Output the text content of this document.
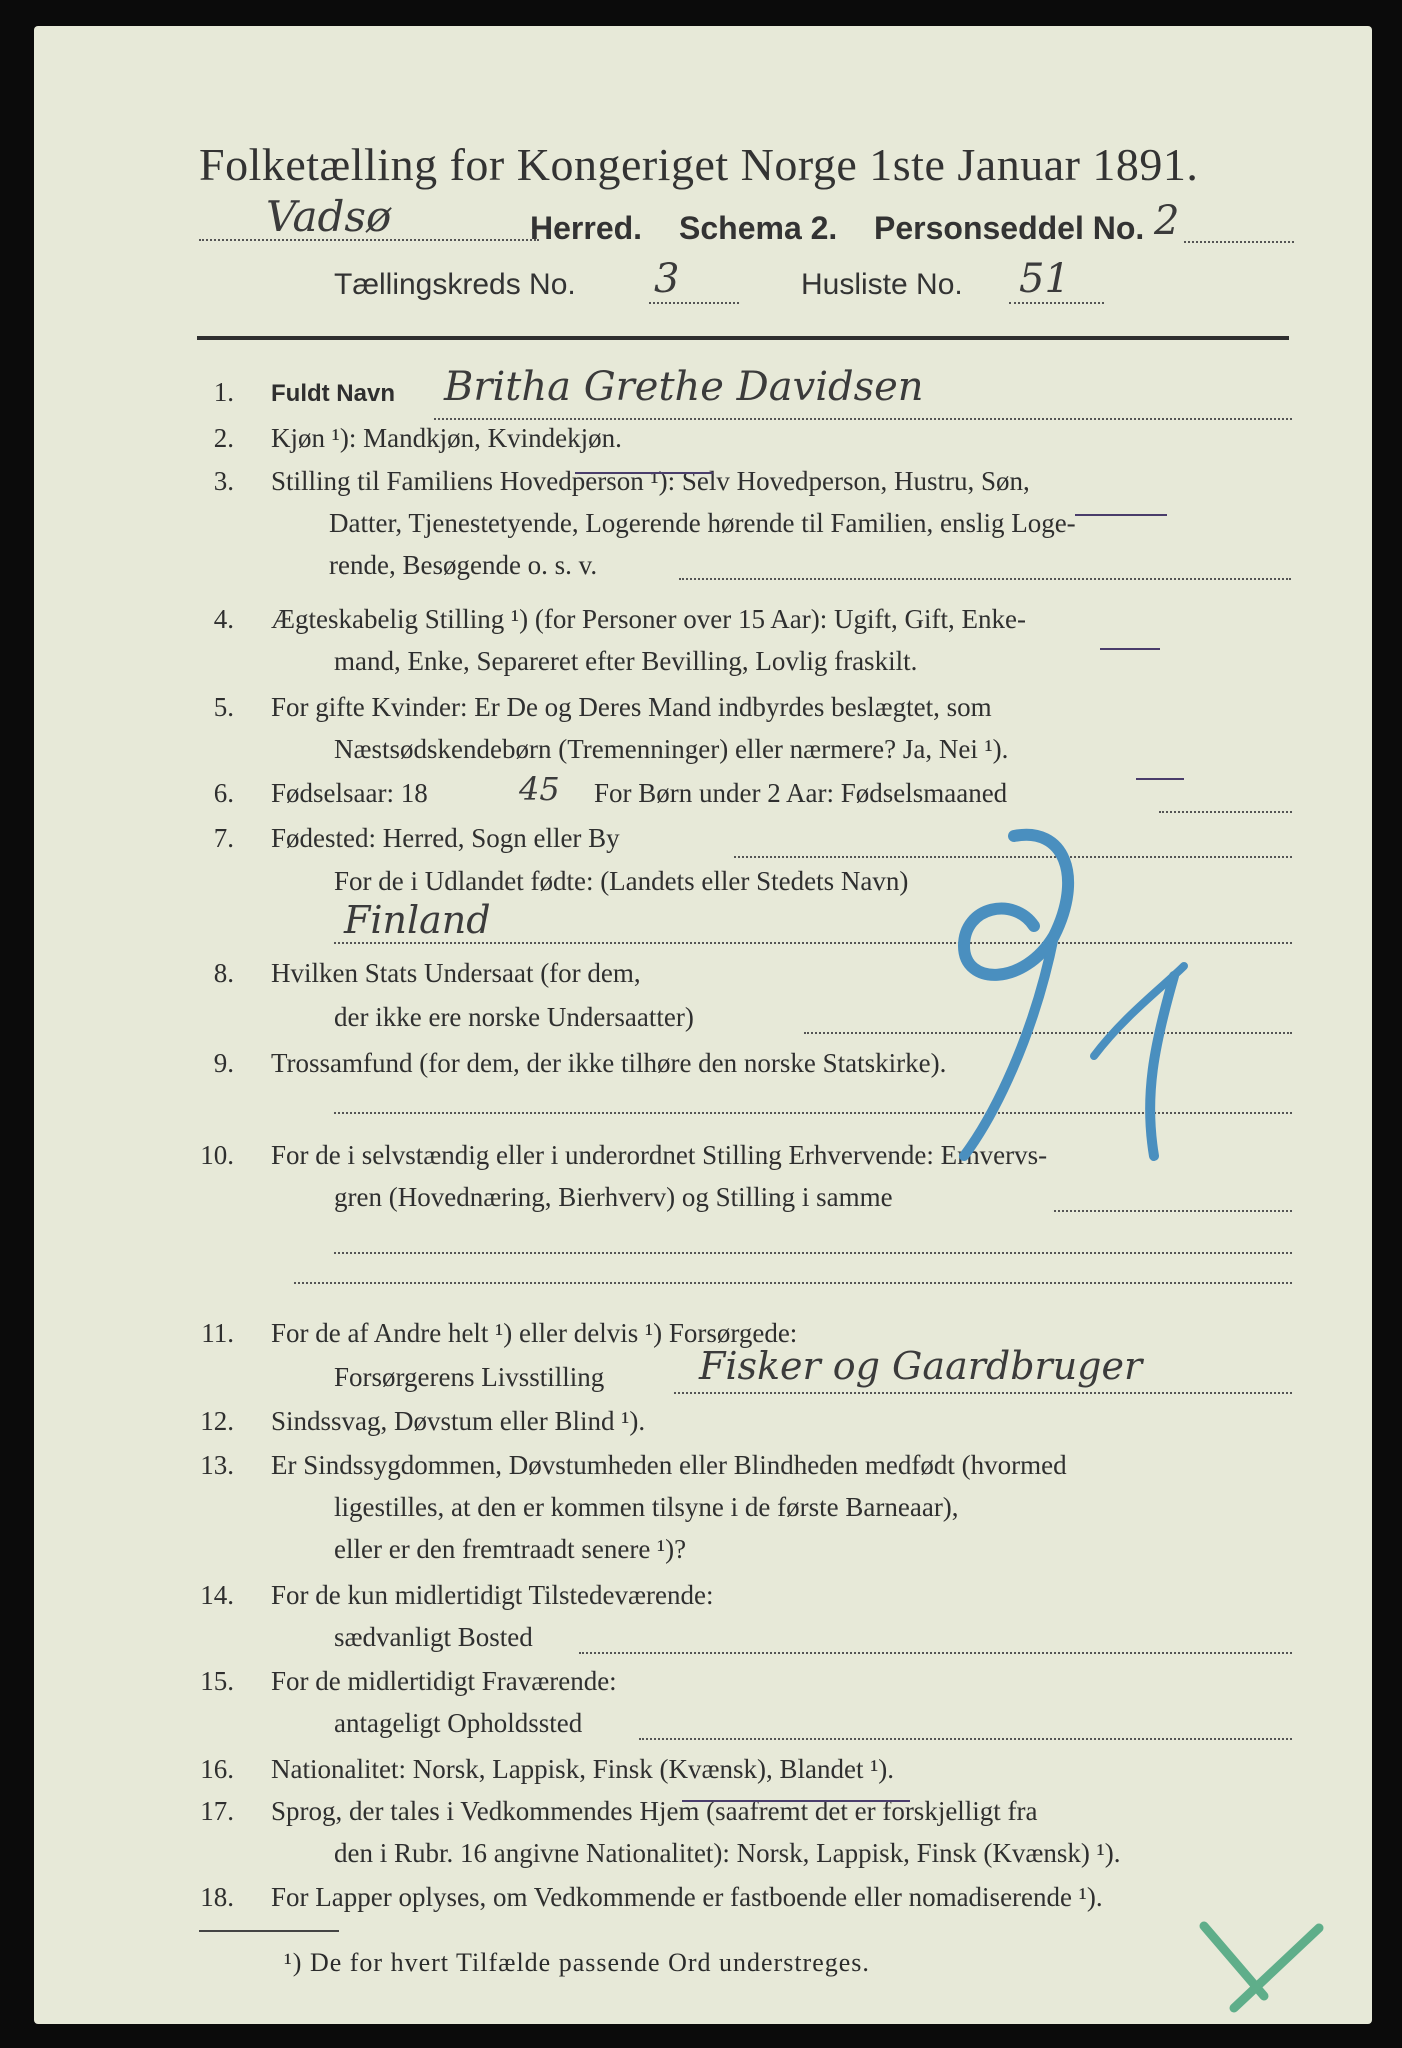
Folketælling for Kongeriget Norge 1ste Januar 1891.
Vadsø	Herred. Schema 2. Personseddel No. 2
Tællingskreds No. 3	Husliste No. 51
1. Fuldt Navn Britha Grethe Davidsen
2. Kjøn ¹): Mandkjøn, Kvindekjøn.
3. Stilling til Familiens Hovedperson ¹): Selv Hovedperson, Hustru, Søn,
Datter, Tjenestetyende, Logerende hørende til Familien, enslig Loge-
rende, Besøgende o. s. v.
4. Ægteskabelig Stilling ¹) (for Personer over 15 Aar): Ugift, Gift, Enke-
mand, Enke, Separeret efter Bevilling, Lovlig fraskilt.
5. For gifte Kvinder: Er De og Deres Mand indbyrdes beslægtet, som
Næstsødskendebørn (Tremenninger) eller nærmere? Ja, Nei ¹).
6. Fødselsaar: 18	45 For Børn under 2 Aar: Fødselsmaaned
7. Fødested: Herred, Sogn eller By
For de i Udlandet fødte: (Landets eller Stedets Navn)
Finland
8. Hvilken Stats Undersaat (for dem,
der ikke ere norske Undersaatter)
9. Trossamfund (for dem, der ikke tilhøre den norske Statskirke).
10. For de i selvstændig eller i underordnet Stilling Erhvervende: Erhvervs-
gren (Hovednæring, Bierhverv) og Stilling i samme
11. For de af Andre helt ¹) eller delvis ¹) Forsørgede:
Forsørgerens Livsstilling Fisker og Gaardbruger
12. Sindssvag, Døvstum eller Blind ¹).
13. Er Sindssygdommen, Døvstumheden eller Blindheden medfødt (hvormed
ligestilles, at den er kommen tilsyne i de første Barneaar),
eller er den fremtraadt senere ¹)?
14. For de kun midlertidigt Tilstedeværende:
sædvanligt Bosted
15. For de midlertidigt Fraværende:
antageligt Opholdssted
16. Nationalitet: Norsk, Lappisk, Finsk (Kvænsk), Blandet ¹).
17. Sprog, der tales i Vedkommendes Hjem (saafremt det er forskjelligt fra
den i Rubr. 16 angivne Nationalitet): Norsk, Lappisk, Finsk (Kvænsk) ¹).
18. For Lapper oplyses, om Vedkommende er fastboende eller nomadiserende ¹).
¹) De for hvert Tilfælde passende Ord understreges.
